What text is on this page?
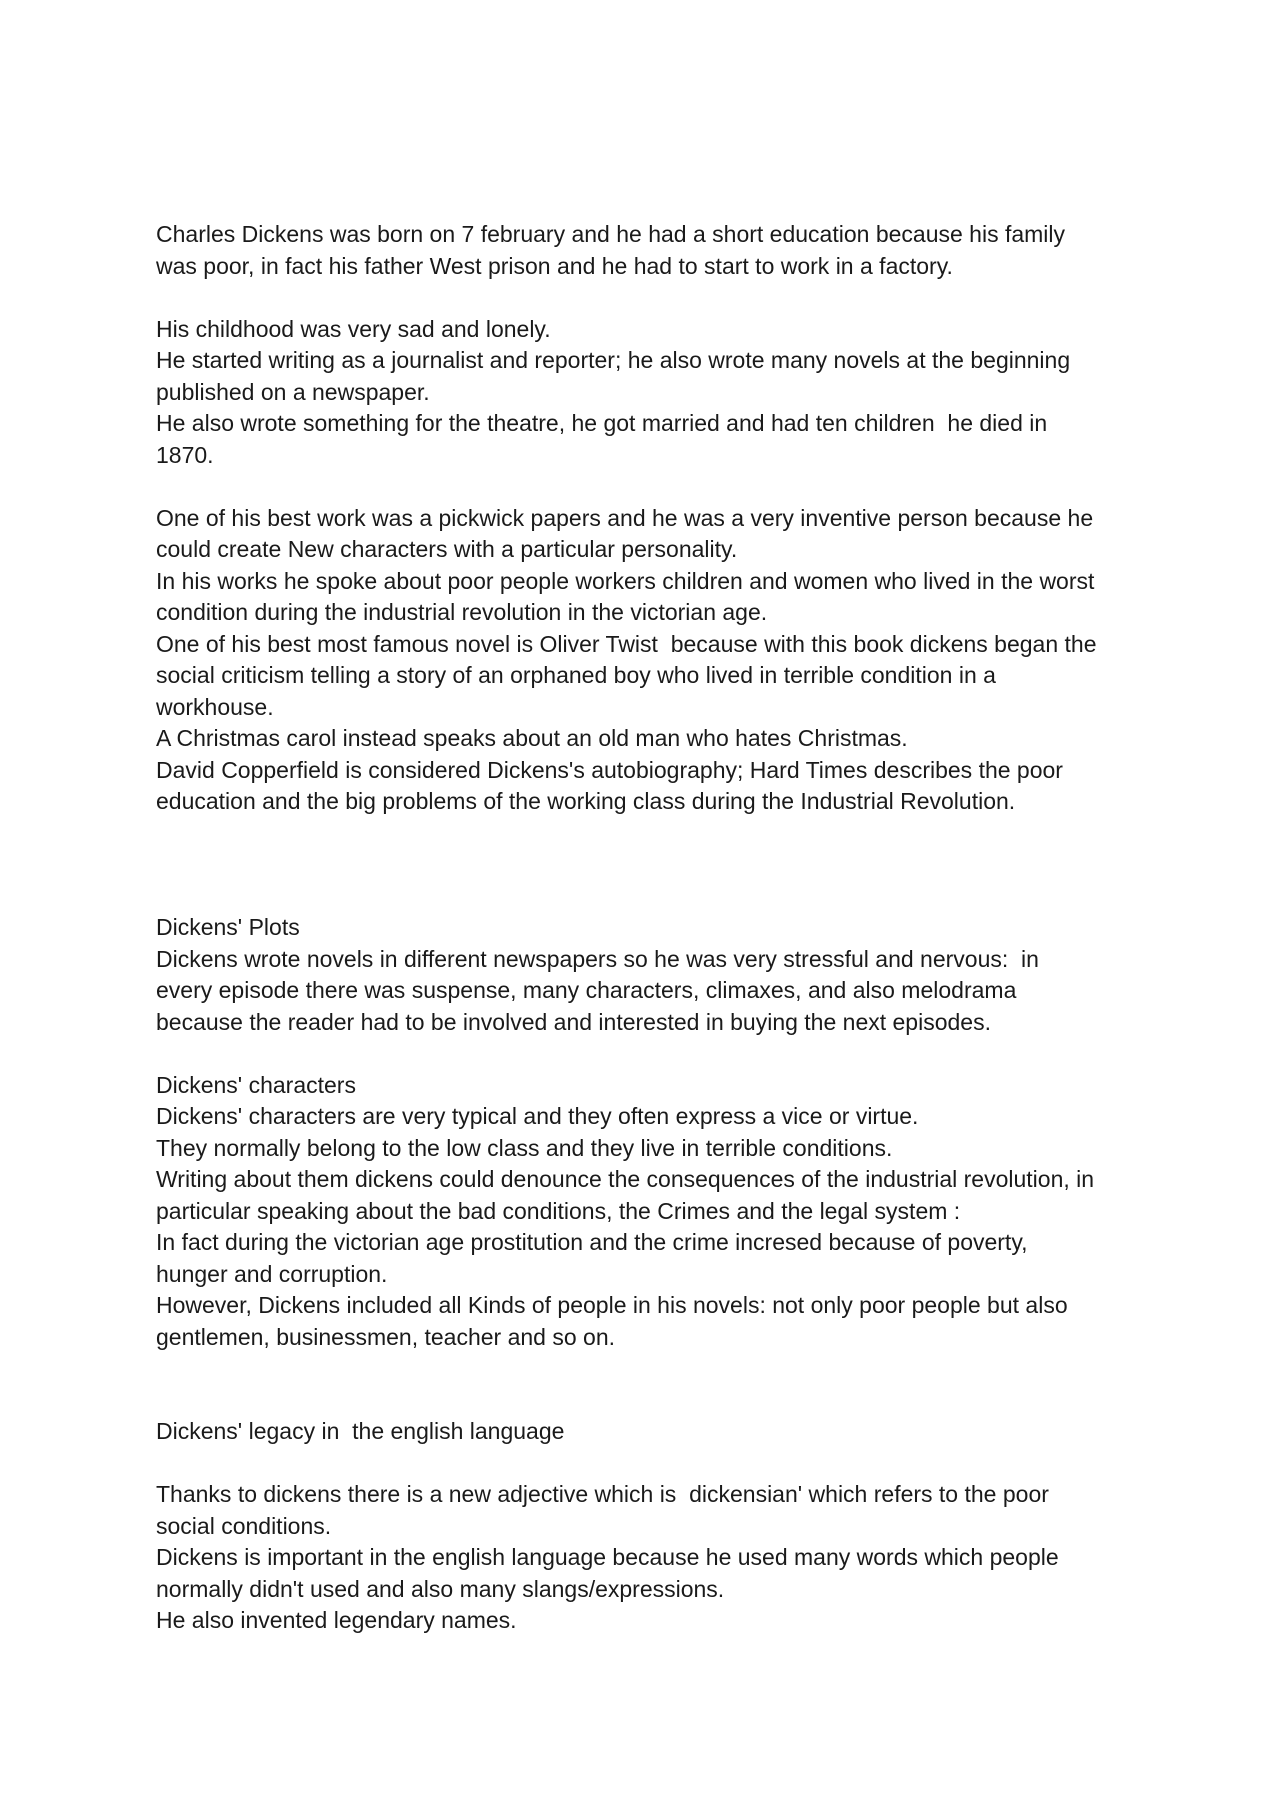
Charles Dickens was born on 7 february and he had a short education because his family

was poor, in fact his father West prison and he had to start to work in a factory.

His childhood was very sad and lonely.

He started writing as a journalist and reporter; he also wrote many novels at the beginning

published on a newspaper.

He also wrote something for the theatre, he got married and had ten children  he died in

1870.

One of his best work was a pickwick papers and he was a very inventive person because he

could create New characters with a particular personality.

In his works he spoke about poor people workers children and women who lived in the worst

condition during the industrial revolution in the victorian age.

One of his best most famous novel is Oliver Twist  because with this book dickens began the

social criticism telling a story of an orphaned boy who lived in terrible condition in a

workhouse.

A Christmas carol instead speaks about an old man who hates Christmas.

David Copperfield is considered Dickens's autobiography; Hard Times describes the poor

education and the big problems of the working class during the Industrial Revolution.

Dickens' Plots

Dickens wrote novels in different newspapers so he was very stressful and nervous:  in

every episode there was suspense, many characters, climaxes, and also melodrama

because the reader had to be involved and interested in buying the next episodes.

Dickens' characters

Dickens' characters are very typical and they often express a vice or virtue.

They normally belong to the low class and they live in terrible conditions.

Writing about them dickens could denounce the consequences of the industrial revolution, in

particular speaking about the bad conditions, the Crimes and the legal system :

In fact during the victorian age prostitution and the crime incresed because of poverty,

hunger and corruption.

However, Dickens included all Kinds of people in his novels: not only poor people but also

gentlemen, businessmen, teacher and so on.

Dickens' legacy in  the english language

Thanks to dickens there is a new adjective which is  dickensian' which refers to the poor

social conditions.

Dickens is important in the english language because he used many words which people

normally didn't used and also many slangs/expressions.

He also invented legendary names.
